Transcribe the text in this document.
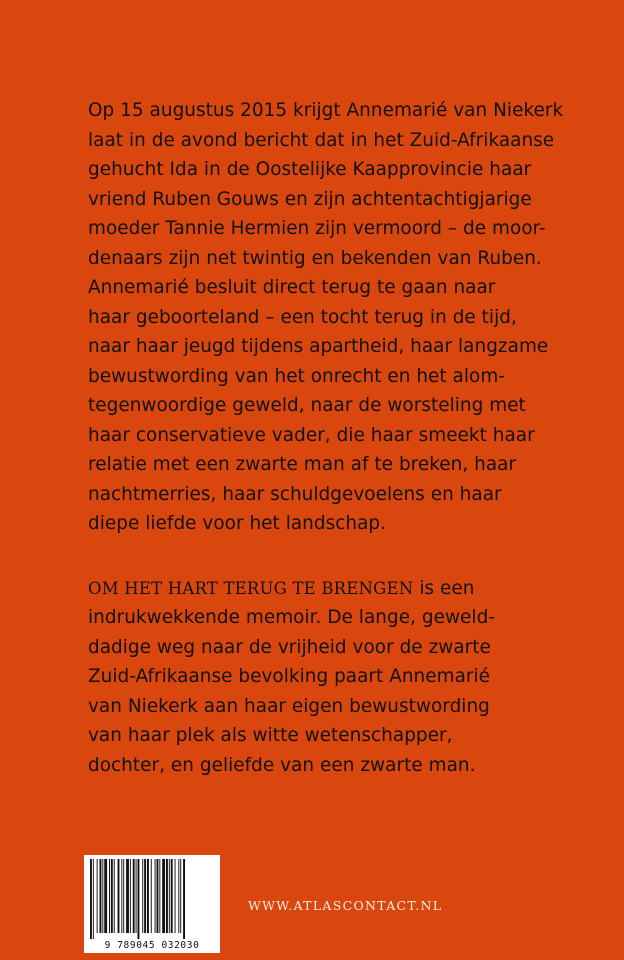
Op 15 augustus 2015 krijgt Annemarié van Niekerk
laat in de avond bericht dat in het Zuid-Afrikaanse
gehucht Ida in de Oostelijke Kaapprovincie haar
vriend Ruben Gouws en zijn achtentachtigjarige
moeder Tannie Hermien zijn vermoord – de moor-
denaars zijn net twintig en bekenden van Ruben.
Annemarié besluit direct terug te gaan naar
haar geboorteland – een tocht terug in de tijd,
naar haar jeugd tijdens apartheid, haar langzame
bewustwording van het onrecht en het alom-
tegenwoordige geweld, naar de worsteling met
haar conservatieve vader, die haar smeekt haar
relatie met een zwarte man af te breken, haar
nachtmerries, haar schuldgevoelens en haar
diepe liefde voor het landschap.
OM HET HART TERUG TE BRENGEN is een
indrukwekkende memoir. De lange, geweld-
dadige weg naar de vrijheid voor de zwarte
Zuid-Afrikaanse bevolking paart Annemarié
van Niekerk aan haar eigen bewustwording
van haar plek als witte wetenschapper,
dochter, en geliefde van een zwarte man.
9 789045 032030
WWW.ATLASCONTACT.NL
